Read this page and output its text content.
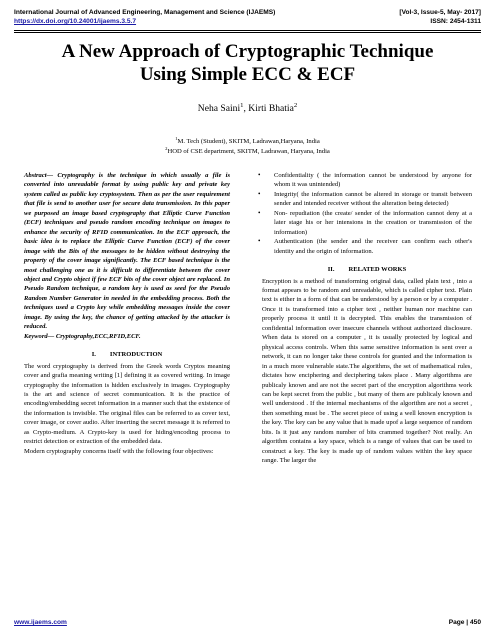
International Journal of Advanced Engineering, Management and Science (IJAEMS)	[Vol-3, Issue-5, May- 2017]
https://dx.doi.org/10.24001/ijaems.3.5.7	ISSN: 2454-1311
A New Approach of Cryptographic Technique
Using Simple ECC & ECF
Neha Saini$^1$, Kirti Bhatia$^2$
$^1$M. Tech (Student), SKITM, Ladrawan,Haryana, India
$^2$HOD of CSE department, SKITM, Ladrawan, Haryana, India

Abstract— Cryptography is the technique in which usually a file is converted into unreadable format by using public key and private key system called as public key cryptosystem. Then as per the user requirement that file is send to another user for secure data transmission. In this paper we purposed an image based cryptography that Elliptic Curve Function (ECF) techniques and pseudo random encoding technique on images to enhance the security of RFID communication. In the ECF approach, the basic idea is to replace the Elliptic Curve Function (ECF) of the cover image with the Bits of the messages to be hidden without destroying the property of the cover image significantly. The ECF based technique is the most challenging one as it is difficult to differentiate between the cover object and Crypto object if few ECF bits of the cover object are replaced. In Pseudo Random technique, a random key is used as seed for the Pseudo Random Number Generator in needed in the embedding process. Both the techniques used a Crypto key while embedding messages inside the cover image. By using the key, the chance of getting attacked by the attacker is reduced.

Keyword— Cryptography,ECC,RFID,ECF.

I. INTRODUCTION

The word cryptography is derived from the Greek words Cryptos meaning cover and grafia meaning writing [1] defining it as covered writing. In image cryptography the information is hidden exclusively in images. Cryptography is the art and science of secret communication. It is the practice of encoding/embedding secret information in a manner such that the existence of the information is invisible. The original files can be referred to as cover text, cover image, or cover audio. After inserting the secret message it is referred to as Crypto-medium. A Crypto-key is used for hiding/encoding process to restrict detection or extraction of the embedded data.

Modern cryptography concerns itself with the following four objectives:

• Confidentiality ( the information cannot be understood by anyone for whom it was unintended)
• Integrity( the information cannot be altered in storage or transit between sender and intended receiver without the alteration being detected)
• Non- repudiation (the create/ sender of the information cannot deny at a later stage his or her intensions in the creation or transmission of the information)
• Authentication (the sender and the receiver can confirm each other's identity and the origin of information.
II. RELATED WORKS

Encryption is a method of transforming original data, called plain text , into a format appears to be random and unreadable, which is called cipher text. Plain text is either in a form of that can be understood by a person or by a computer . Once it is transformed into a cipher text , neither human nor machine can properly process it until it is decrypted. This enables the transmission of confidential information over insecure channels without authorized disclosure. When data is stored on a computer , it is usually protected by logical and physical access controls. When this same sensitive information is sent over a network, it can no longer take these controls for granted and the information is in a much more vulnerable state.The algorithms, the set of mathematical rules, dictates how enciphering and deciphering takes place . Many algorithms are publicaly known and are not the secret part of the encryption algorithms work can be kept secret from the public , but many of them are publicaly known and well understood . If the internal mechanisms of the algorithm are not a secret , then something must be . The secret piece of using a well known encryption is the key. The key can be any value that is made upof a large sequence of random bits. Is it just any random number of bits crammed together? Not really. An algorithm contains a key space, which is a range of values that can be used to construct a key. The key is made up of random values within the key space range. The larger the

www.ijaems.com	Page | 450
